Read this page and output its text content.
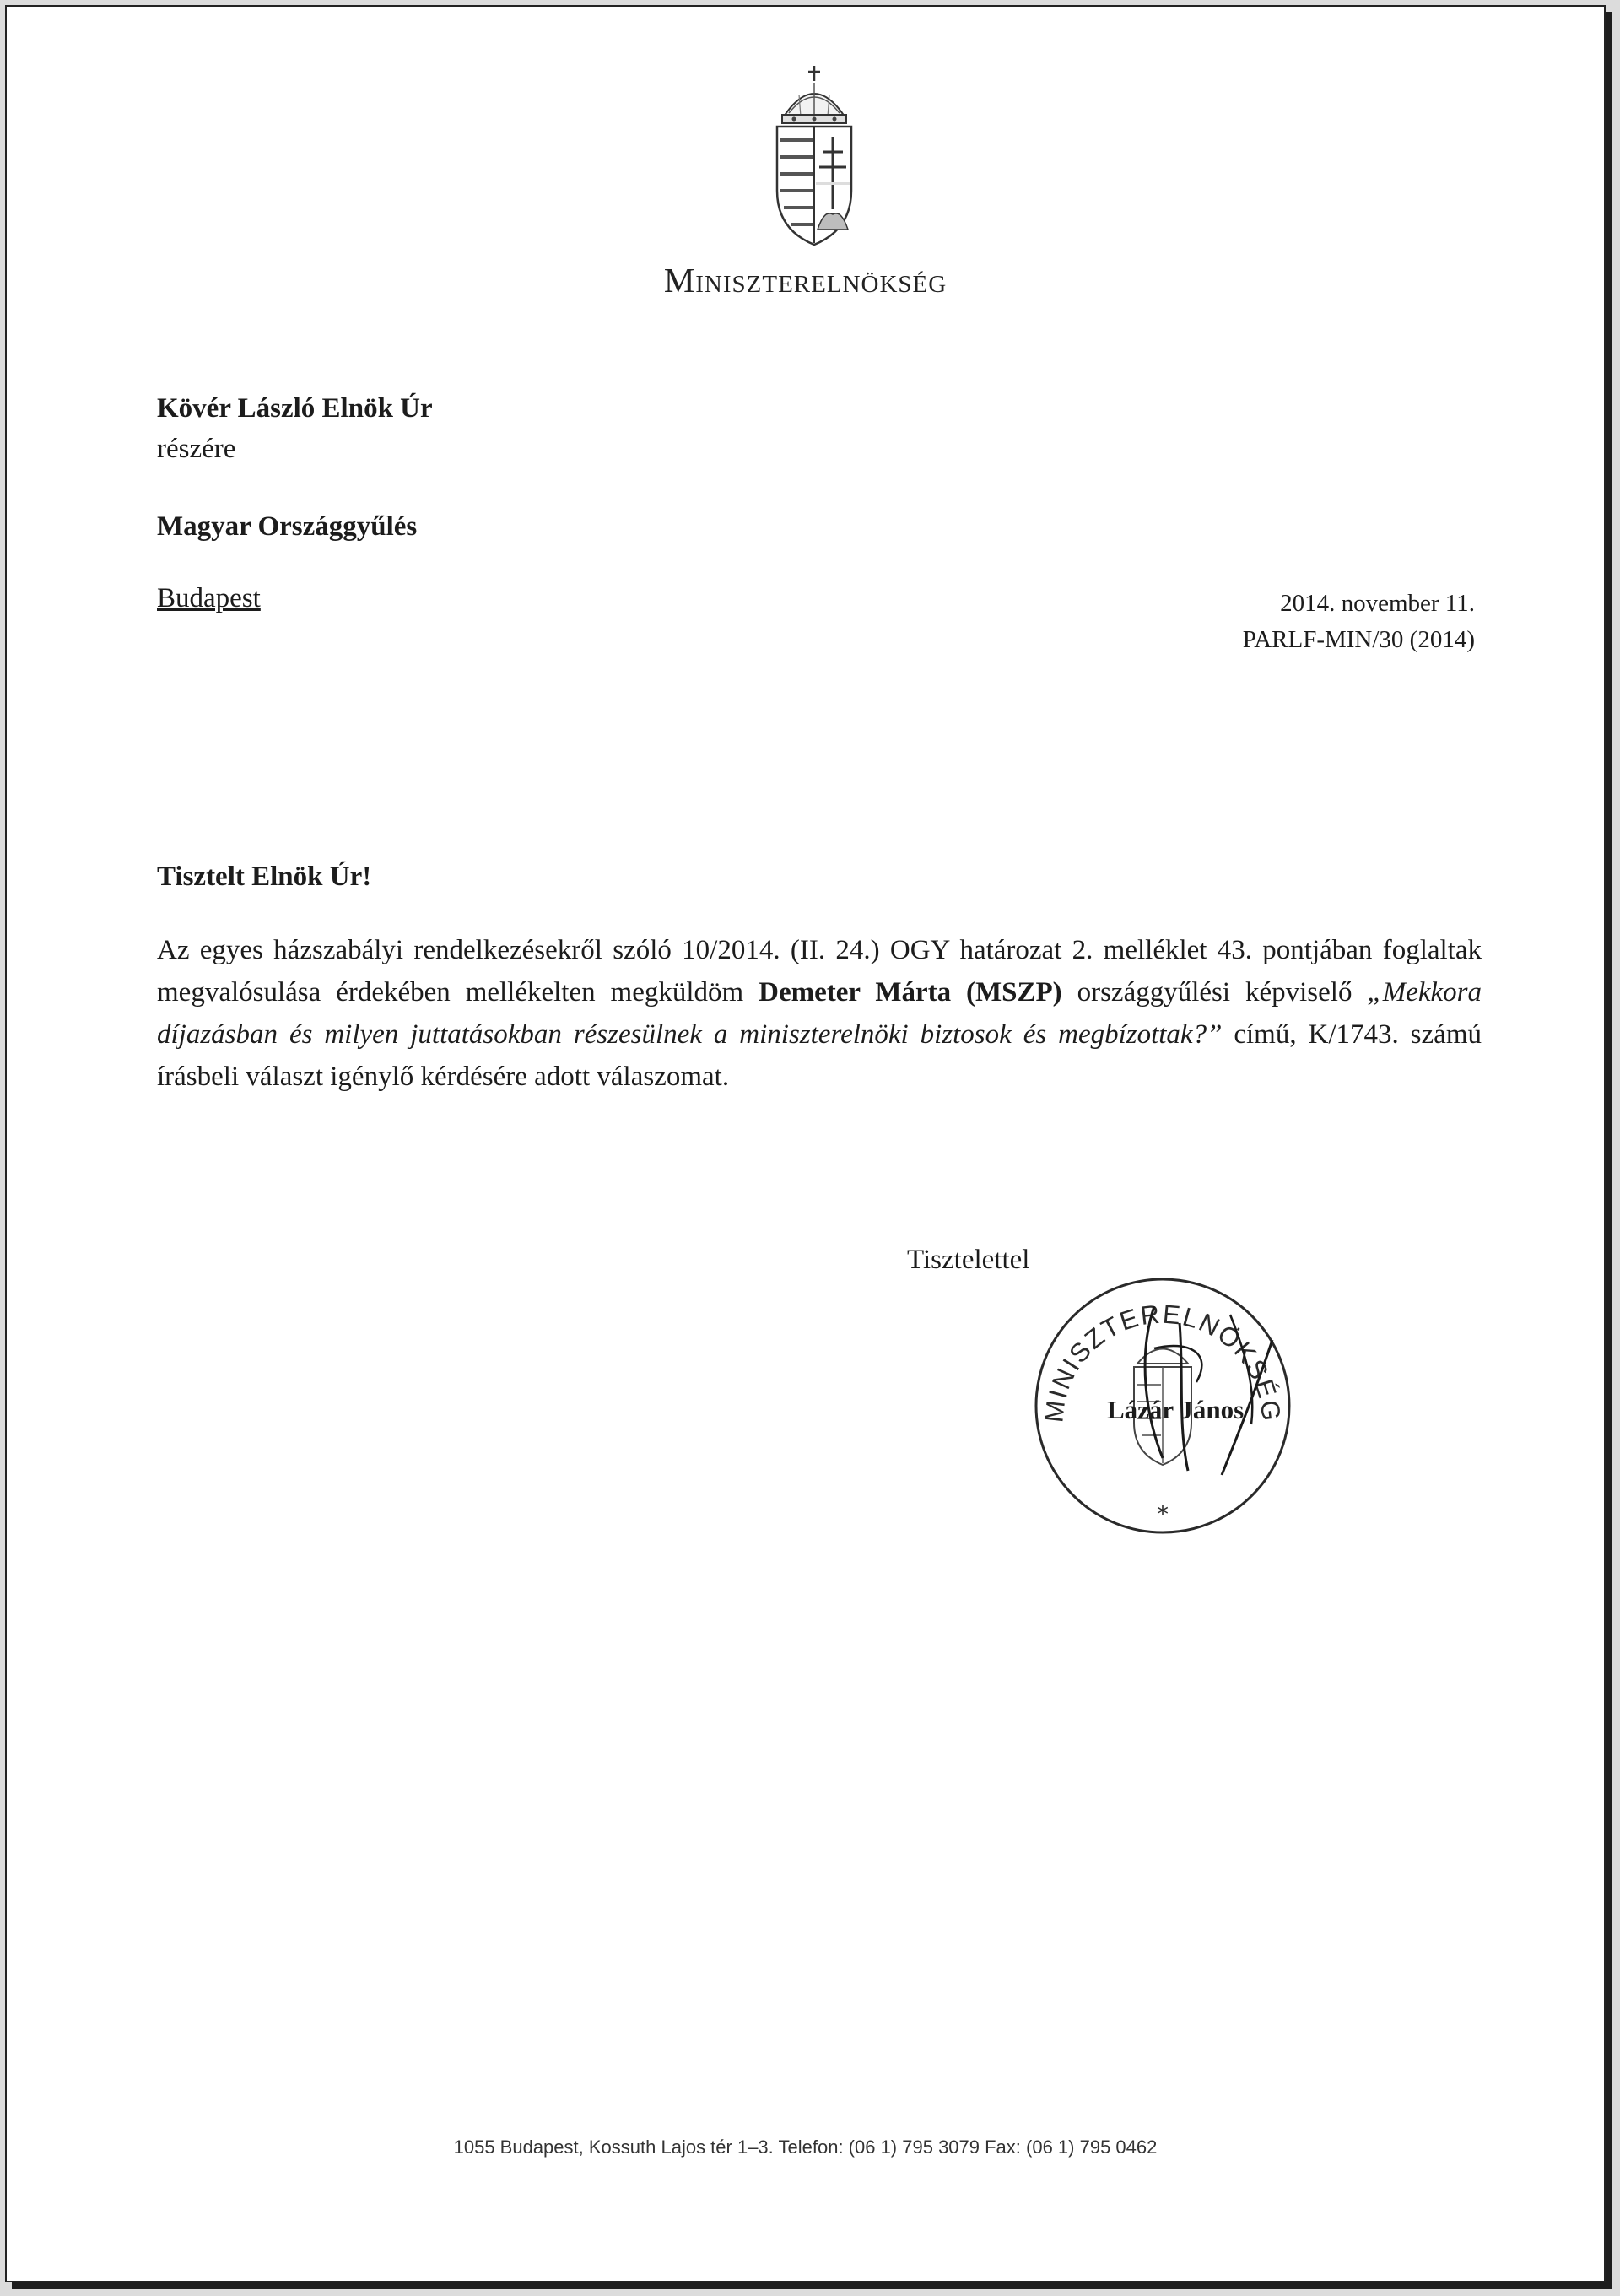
Miniszterelnökség
Kövér László Elnök Úr
részére
Magyar Országgyűlés
Budapest	2014. november 11.
PARLF-MIN/30 (2014)
Tisztelt Elnök Úr!
Az egyes házszabályi rendelkezésekről szóló 10/2014. (II. 24.) OGY határozat 2. melléklet 43. pontjában foglaltak megvalósulása érdekében mellékelten megküldöm Demeter Márta (MSZP) országgyűlési képviselő „Mekkora díjazásban és milyen juttatásokban részesülnek a miniszterelnöki biztosok és megbízottak?” című, K/1743. számú írásbeli választ igénylő kérdésére adott válaszomat.
Tisztelettel
MINISZTERELNÖKSÉG
*
Lázár János
1055 Budapest, Kossuth Lajos tér 1–3. Telefon: (06 1) 795 3079 Fax: (06 1) 795 0462
